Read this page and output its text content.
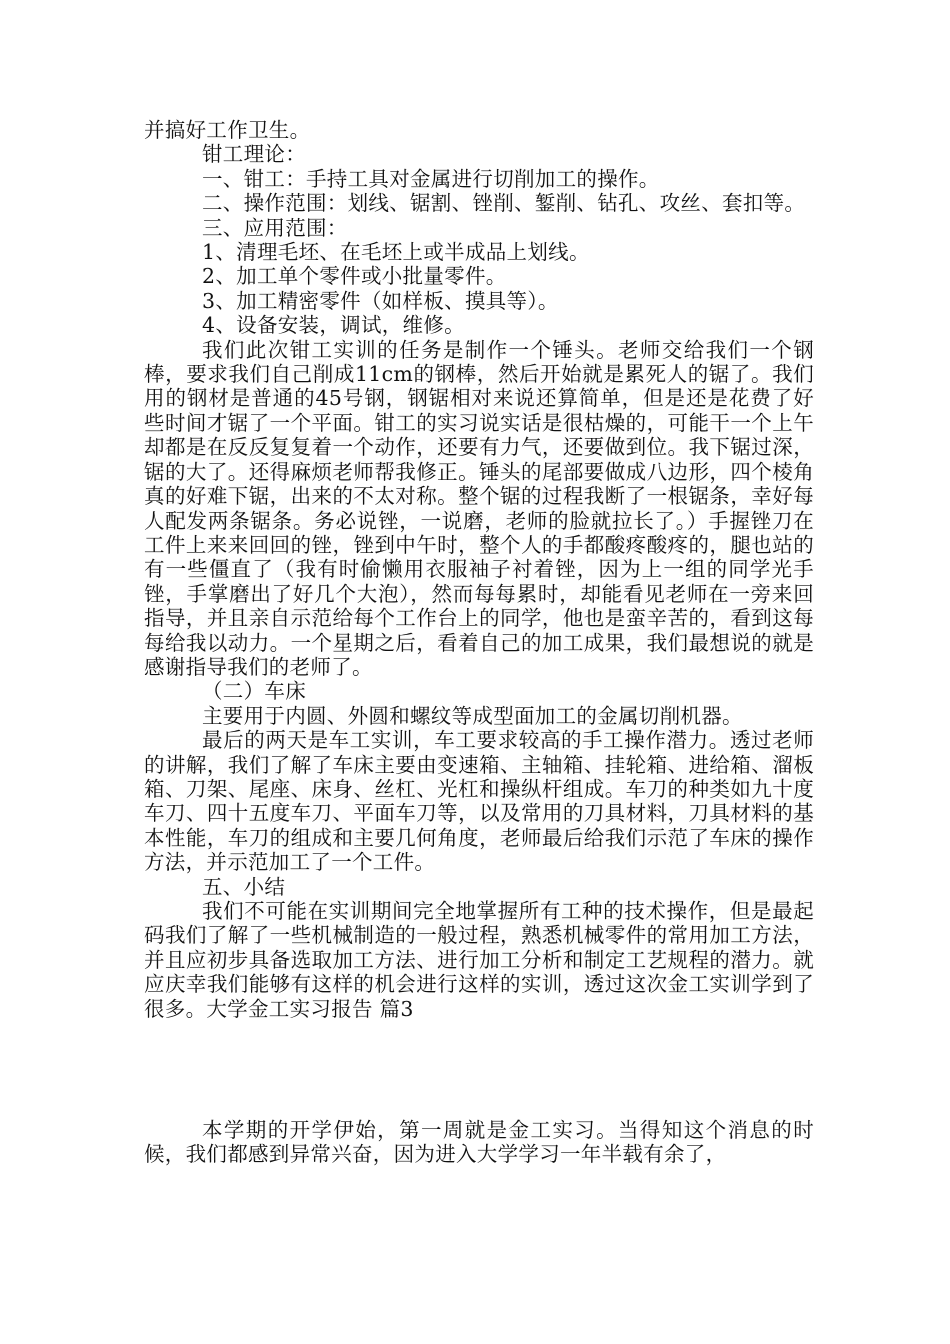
并搞好工作卫生。

钳工理论：

一、钳工：手持工具对金属进行切削加工的操作。

二、操作范围：划线、锯割、锉削、錾削、钻孔、攻丝、套扣等。

三、应用范围：

1、清理毛坯、在毛坯上或半成品上划线。

2、加工单个零件或小批量零件。

3、加工精密零件（如样板、摸具等）。

4、设备安装，调试，维修。

我们此次钳工实训的任务是制作一个锤头。老师交给我们一个钢棒，要求我们自己削成11cm的钢棒，然后开始就是累死人的锯了。我们用的钢材是普通的45号钢，钢锯相对来说还算简单，但是还是花费了好些时间才锯了一个平面。钳工的实习说实话是很枯燥的，可能干一个上午却都是在反反复复着一个动作，还要有力气，还要做到位。我下锯过深，锯的大了。还得麻烦老师帮我修正。锤头的尾部要做成八边形，四个棱角真的好难下锯，出来的不太对称。整个锯的过程我断了一根锯条，幸好每人配发两条锯条。务必说锉，一说磨，老师的脸就拉长了。）手握锉刀在工件上来来回回的锉，锉到中午时，整个人的手都酸疼酸疼的，腿也站的有一些僵直了（我有时偷懒用衣服袖子衬着锉，因为上一组的同学光手锉，手掌磨出了好几个大泡），然而每每累时，却能看见老师在一旁来回指导，并且亲自示范给每个工作台上的同学，他也是蛮辛苦的，看到这每每给我以动力。一个星期之后，看着自己的加工成果，我们最想说的就是感谢指导我们的老师了。

（二）车床

主要用于内圆、外圆和螺纹等成型面加工的金属切削机器。

最后的两天是车工实训，车工要求较高的手工操作潜力。透过老师的讲解，我们了解了车床主要由变速箱、主轴箱、挂轮箱、进给箱、溜板箱、刀架、尾座、床身、丝杠、光杠和操纵杆组成。车刀的种类如九十度车刀、四十五度车刀、平面车刀等，以及常用的刀具材料，刀具材料的基本性能，车刀的组成和主要几何角度，老师最后给我们示范了车床的操作方法，并示范加工了一个工件。

五、小结

我们不可能在实训期间完全地掌握所有工种的技术操作，但是最起码我们了解了一些机械制造的一般过程，熟悉机械零件的常用加工方法，并且应初步具备选取加工方法、进行加工分析和制定工艺规程的潜力。就应庆幸我们能够有这样的机会进行这样的实训，透过这次金工实训学到了很多。大学金工实习报告 篇3

本学期的开学伊始，第一周就是金工实习。当得知这个消息的时候，我们都感到异常兴奋，因为进入大学学习一年半载有余了，
